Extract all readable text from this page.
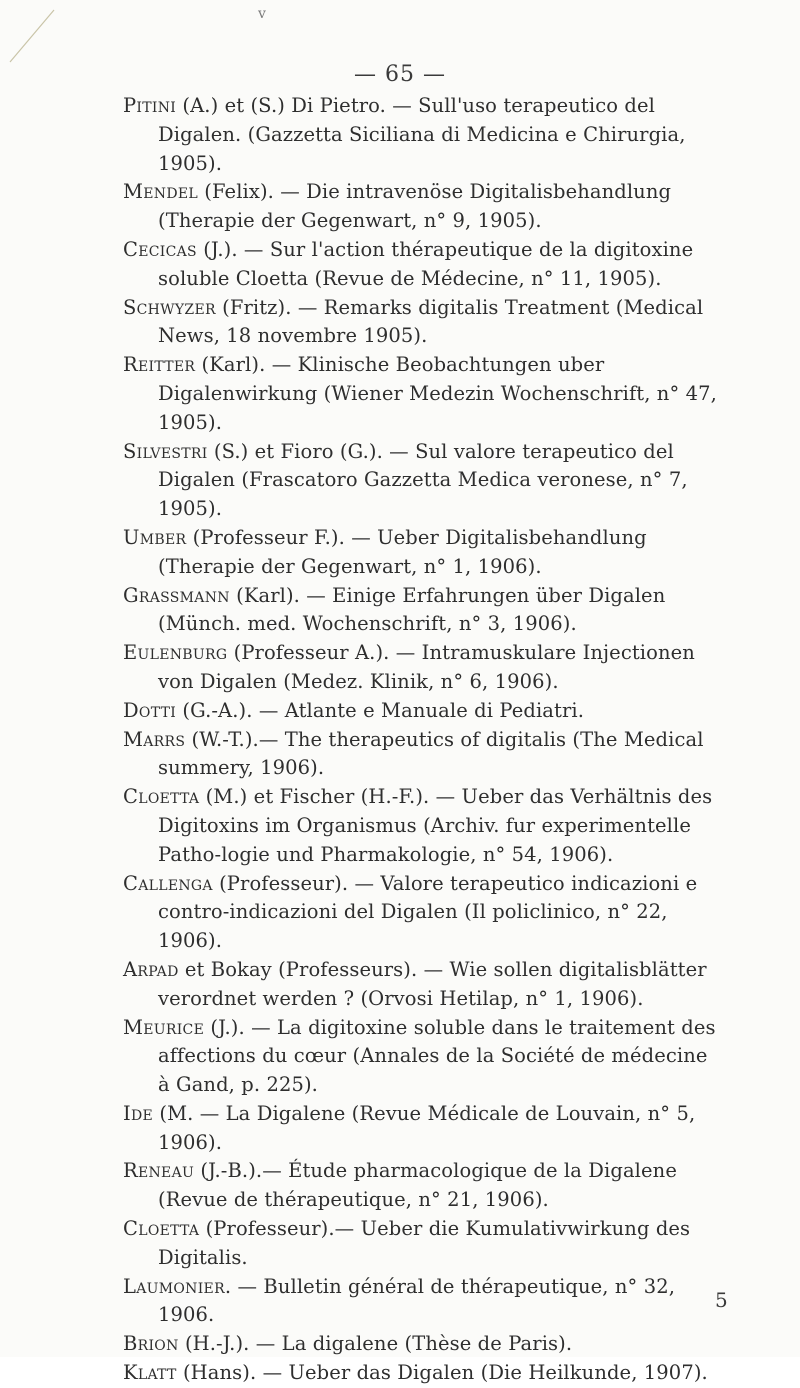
v
— 65 —

Pitini (A.) et (S.) Di Pietro. — Sull'uso terapeutico del Digalen. (Gazzetta Siciliana di Medicina e Chirurgia, 1905).

Mendel (Felix). — Die intravenöse Digitalisbehandlung (Therapie der Gegenwart, n° 9, 1905).

Cecicas (J.). — Sur l'action thérapeutique de la digitoxine soluble Cloetta (Revue de Médecine, n° 11, 1905).

Schwyzer (Fritz). — Remarks digitalis Treatment (Medical News, 18 novembre 1905).

Reitter (Karl). — Klinische Beobachtungen uber Digalenwirkung (Wiener Medezin Wochenschrift, n° 47, 1905).

Silvestri (S.) et Fioro (G.). — Sul valore terapeutico del Digalen (Frascatoro Gazzetta Medica veronese, n° 7, 1905).

Umber (Professeur F.). — Ueber Digitalisbehandlung (Therapie der Gegenwart, n° 1, 1906).

Grassmann (Karl). — Einige Erfahrungen über Digalen (Münch. med. Wochenschrift, n° 3, 1906).

Eulenburg (Professeur A.). — Intramuskulare Injectionen von Digalen (Medez. Klinik, n° 6, 1906).

Dotti (G.-A.). — Atlante e Manuale di Pediatri.

Marrs (W.-T.).— The therapeutics of digitalis (The Medical summery, 1906).

Cloetta (M.) et Fischer (H.-F.). — Ueber das Verhältnis des Digitoxins im Organismus (Archiv. fur experimentelle Patho-logie und Pharmakologie, n° 54, 1906).

Callenga (Professeur). — Valore terapeutico indicazioni e contro-indicazioni del Digalen (Il policlinico, n° 22, 1906).

Arpad et Bokay (Professeurs). — Wie sollen digitalisblätter verordnet werden ? (Orvosi Hetilap, n° 1, 1906).

Meurice (J.). — La digitoxine soluble dans le traitement des affections du cœur (Annales de la Société de médecine à Gand, p. 225).

Ide (M. — La Digalene (Revue Médicale de Louvain, n° 5, 1906).

Reneau (J.-B.).— Étude pharmacologique de la Digalene (Revue de thérapeutique, n° 21, 1906).

Cloetta (Professeur).— Ueber die Kumulativwirkung des Digitalis.

Laumonier. — Bulletin général de thérapeutique, n° 32, 1906.

Brion (H.-J.). — La digalene (Thèse de Paris).

Klatt (Hans). — Ueber das Digalen (Die Heilkunde, 1907).

5
